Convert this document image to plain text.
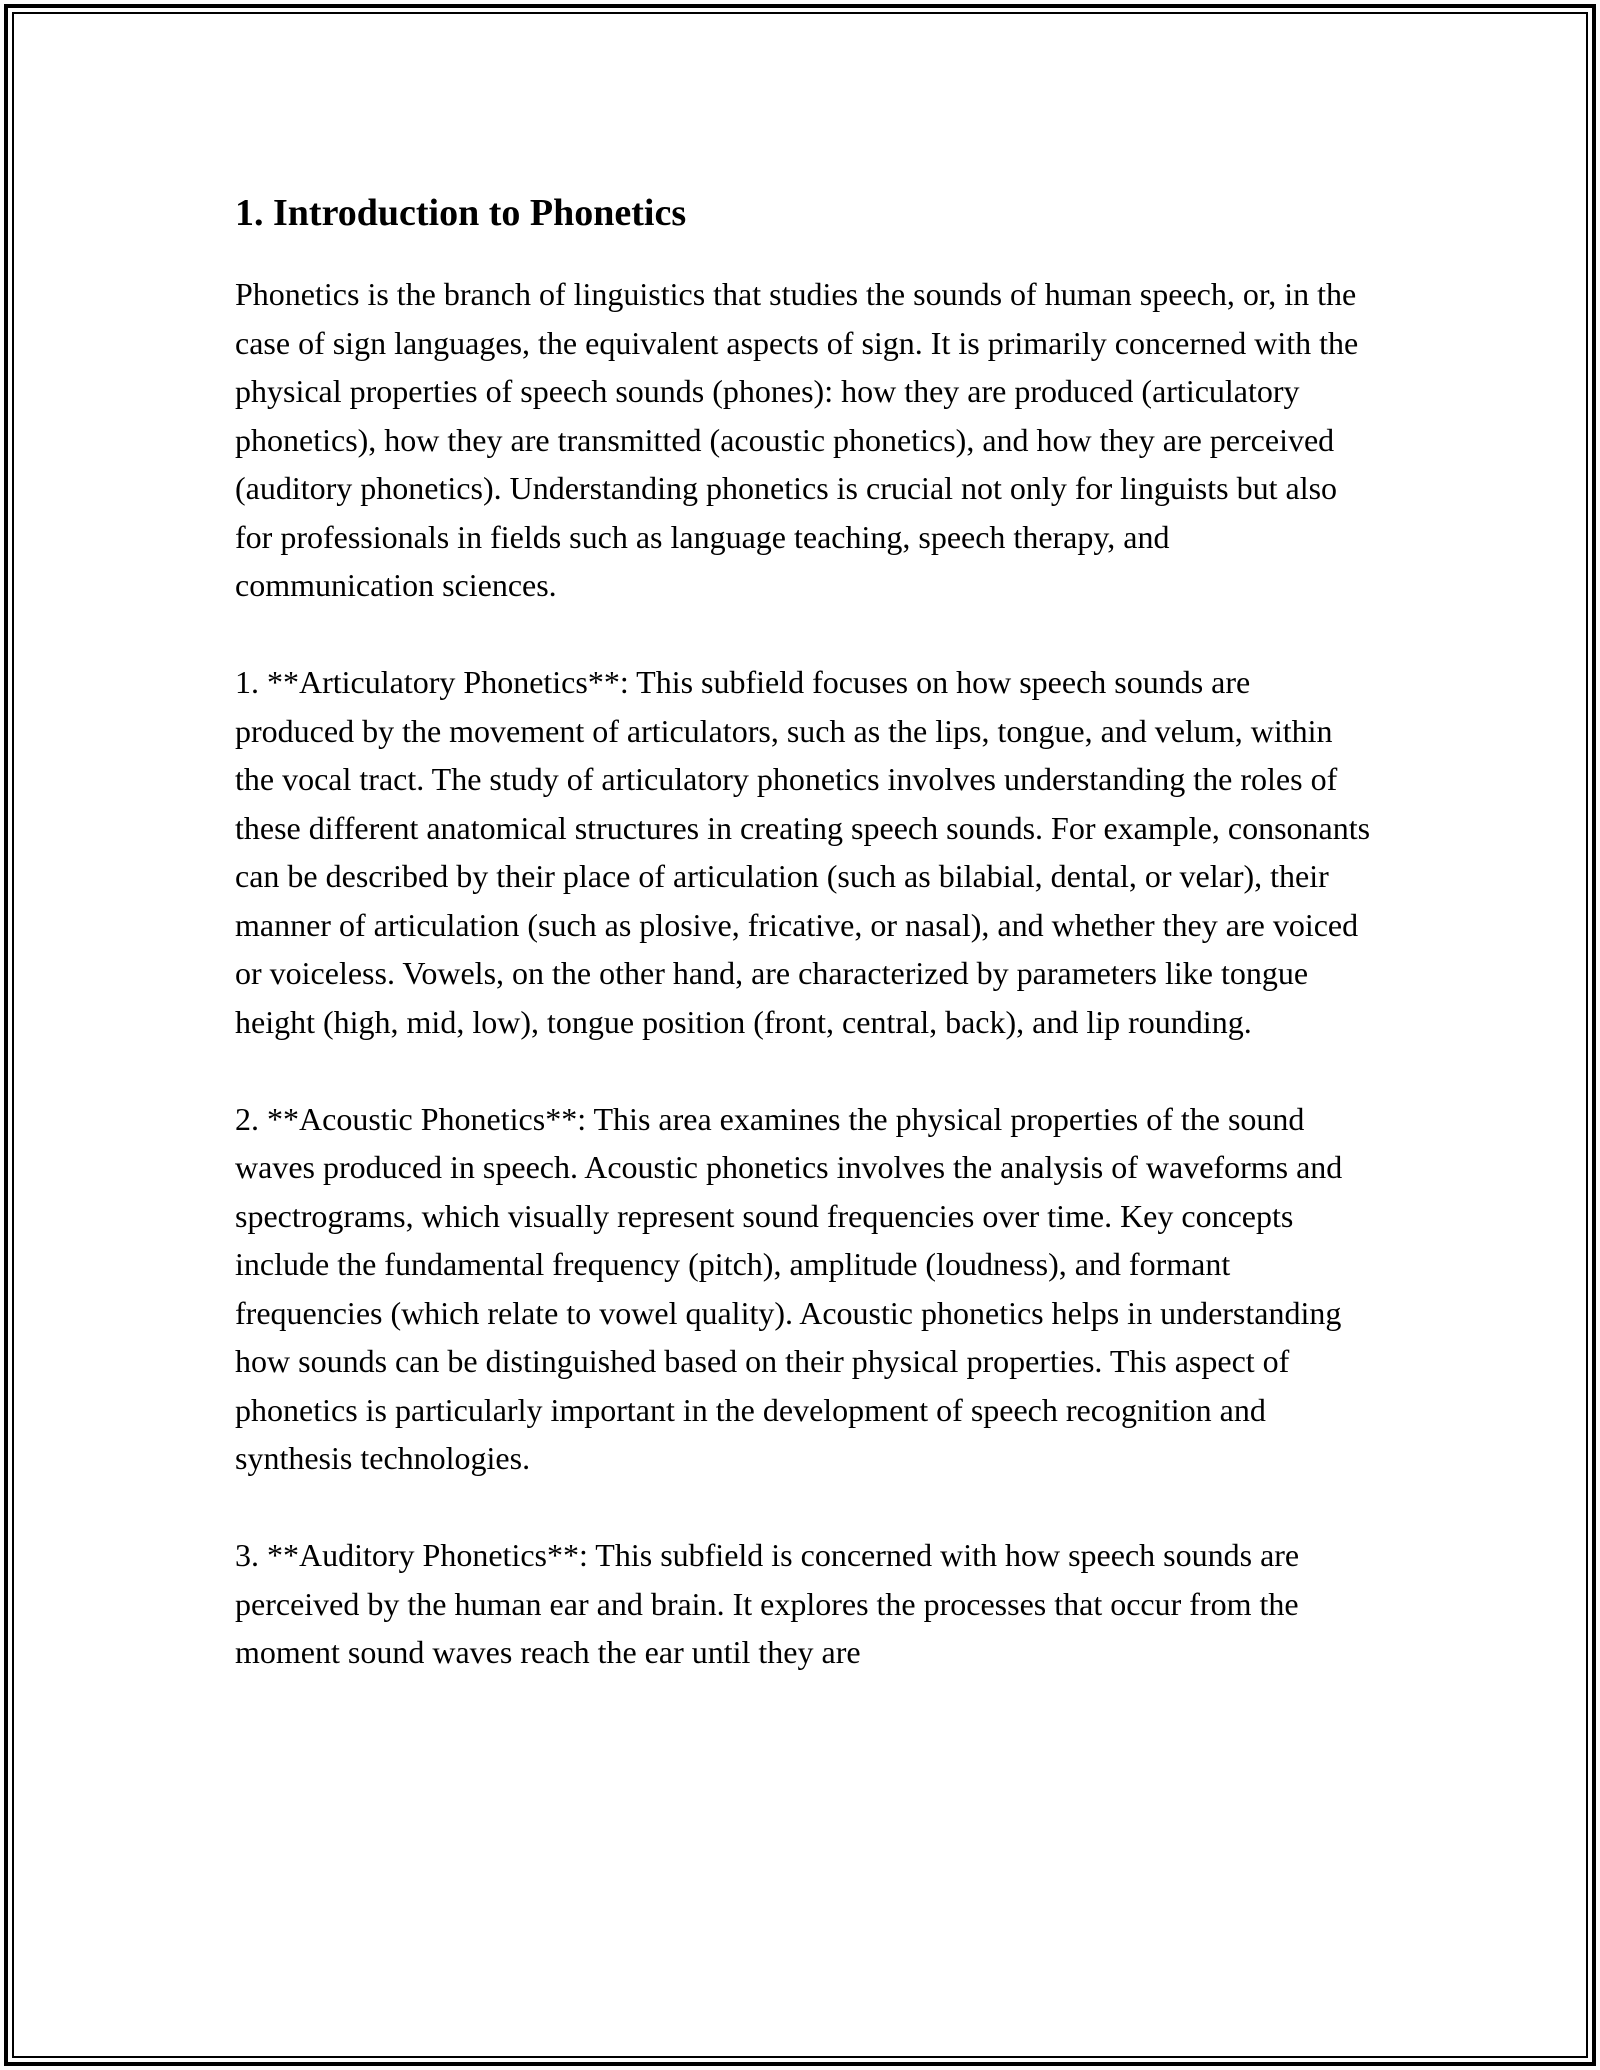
1. Introduction to Phonetics

Phonetics is the branch of linguistics that studies the sounds of human speech, or, in the case of sign languages, the equivalent aspects of sign. It is primarily concerned with the physical properties of speech sounds (phones): how they are produced (articulatory phonetics), how they are transmitted (acoustic phonetics), and how they are perceived (auditory phonetics). Understanding phonetics is crucial not only for linguists but also for professionals in fields such as language teaching, speech therapy, and communication sciences.

1. **Articulatory Phonetics**: This subfield focuses on how speech sounds are produced by the movement of articulators, such as the lips, tongue, and velum, within the vocal tract. The study of articulatory phonetics involves understanding the roles of these different anatomical structures in creating speech sounds. For example, consonants can be described by their place of articulation (such as bilabial, dental, or velar), their manner of articulation (such as plosive, fricative, or nasal), and whether they are voiced or voiceless. Vowels, on the other hand, are characterized by parameters like tongue height (high, mid, low), tongue position (front, central, back), and lip rounding.

2. **Acoustic Phonetics**: This area examines the physical properties of the sound waves produced in speech. Acoustic phonetics involves the analysis of waveforms and spectrograms, which visually represent sound frequencies over time. Key concepts include the fundamental frequency (pitch), amplitude (loudness), and formant frequencies (which relate to vowel quality). Acoustic phonetics helps in understanding how sounds can be distinguished based on their physical properties. This aspect of phonetics is particularly important in the development of speech recognition and synthesis technologies.

3. **Auditory Phonetics**: This subfield is concerned with how speech sounds are perceived by the human ear and brain. It explores the processes that occur from the moment sound waves reach the ear until they are
